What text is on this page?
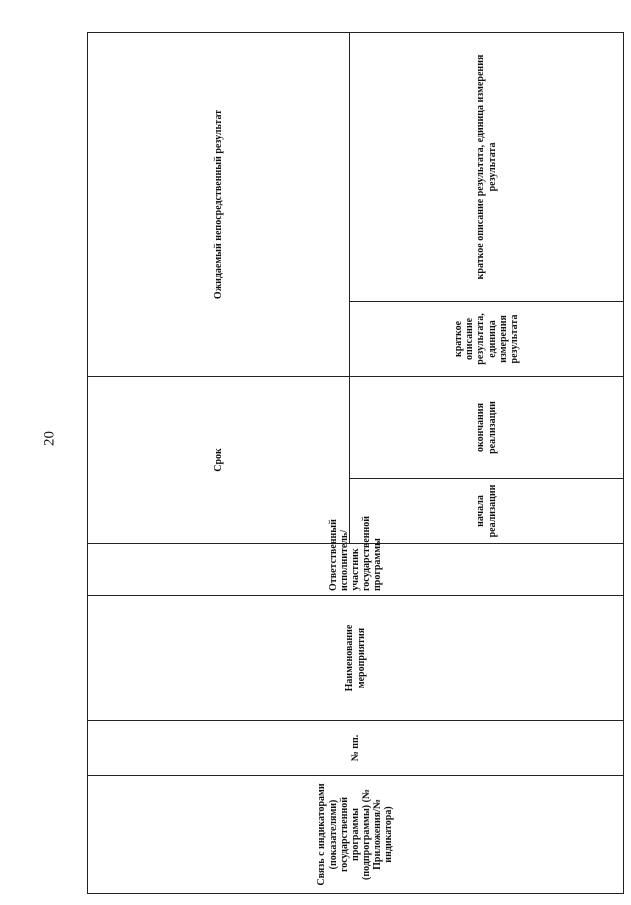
20
Связь с индикаторами (показателями) государственной программы (подпрограммы) (№ Приложения/№ индикатора)	№ пп.	Наименование мероприятия	Ответственный исполнитель/участник государственной программы	Срок		Ожидаемый непосредственный результат	
				начала реализации	окончания реализации	краткое описание результата, единица измерения результата	краткое описание результата, единица измерения результата
